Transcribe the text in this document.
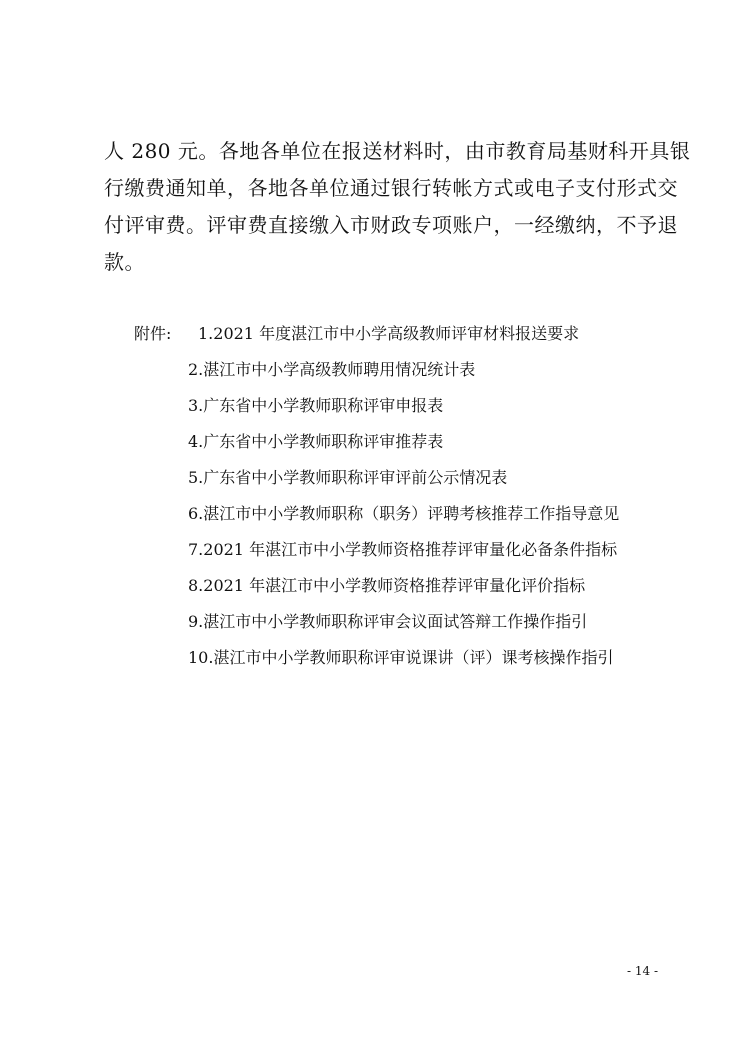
人 280 元。各地各单位在报送材料时，由市教育局基财科开具银
行缴费通知单，各地各单位通过银行转帐方式或电子支付形式交
付评审费。评审费直接缴入市财政专项账户，一经缴纳，不予退
款。

附件: 1.2021 年度湛江市中小学高级教师评审材料报送要求
2.湛江市中小学高级教师聘用情况统计表
3.广东省中小学教师职称评审申报表
4.广东省中小学教师职称评审推荐表
5.广东省中小学教师职称评审评前公示情况表
6.湛江市中小学教师职称（职务）评聘考核推荐工作指导意见
7.2021 年湛江市中小学教师资格推荐评审量化必备条件指标
8.2021 年湛江市中小学教师资格推荐评审量化评价指标
9.湛江市中小学教师职称评审会议面试答辩工作操作指引
10.湛江市中小学教师职称评审说课讲（评）课考核操作指引
- 14 -
